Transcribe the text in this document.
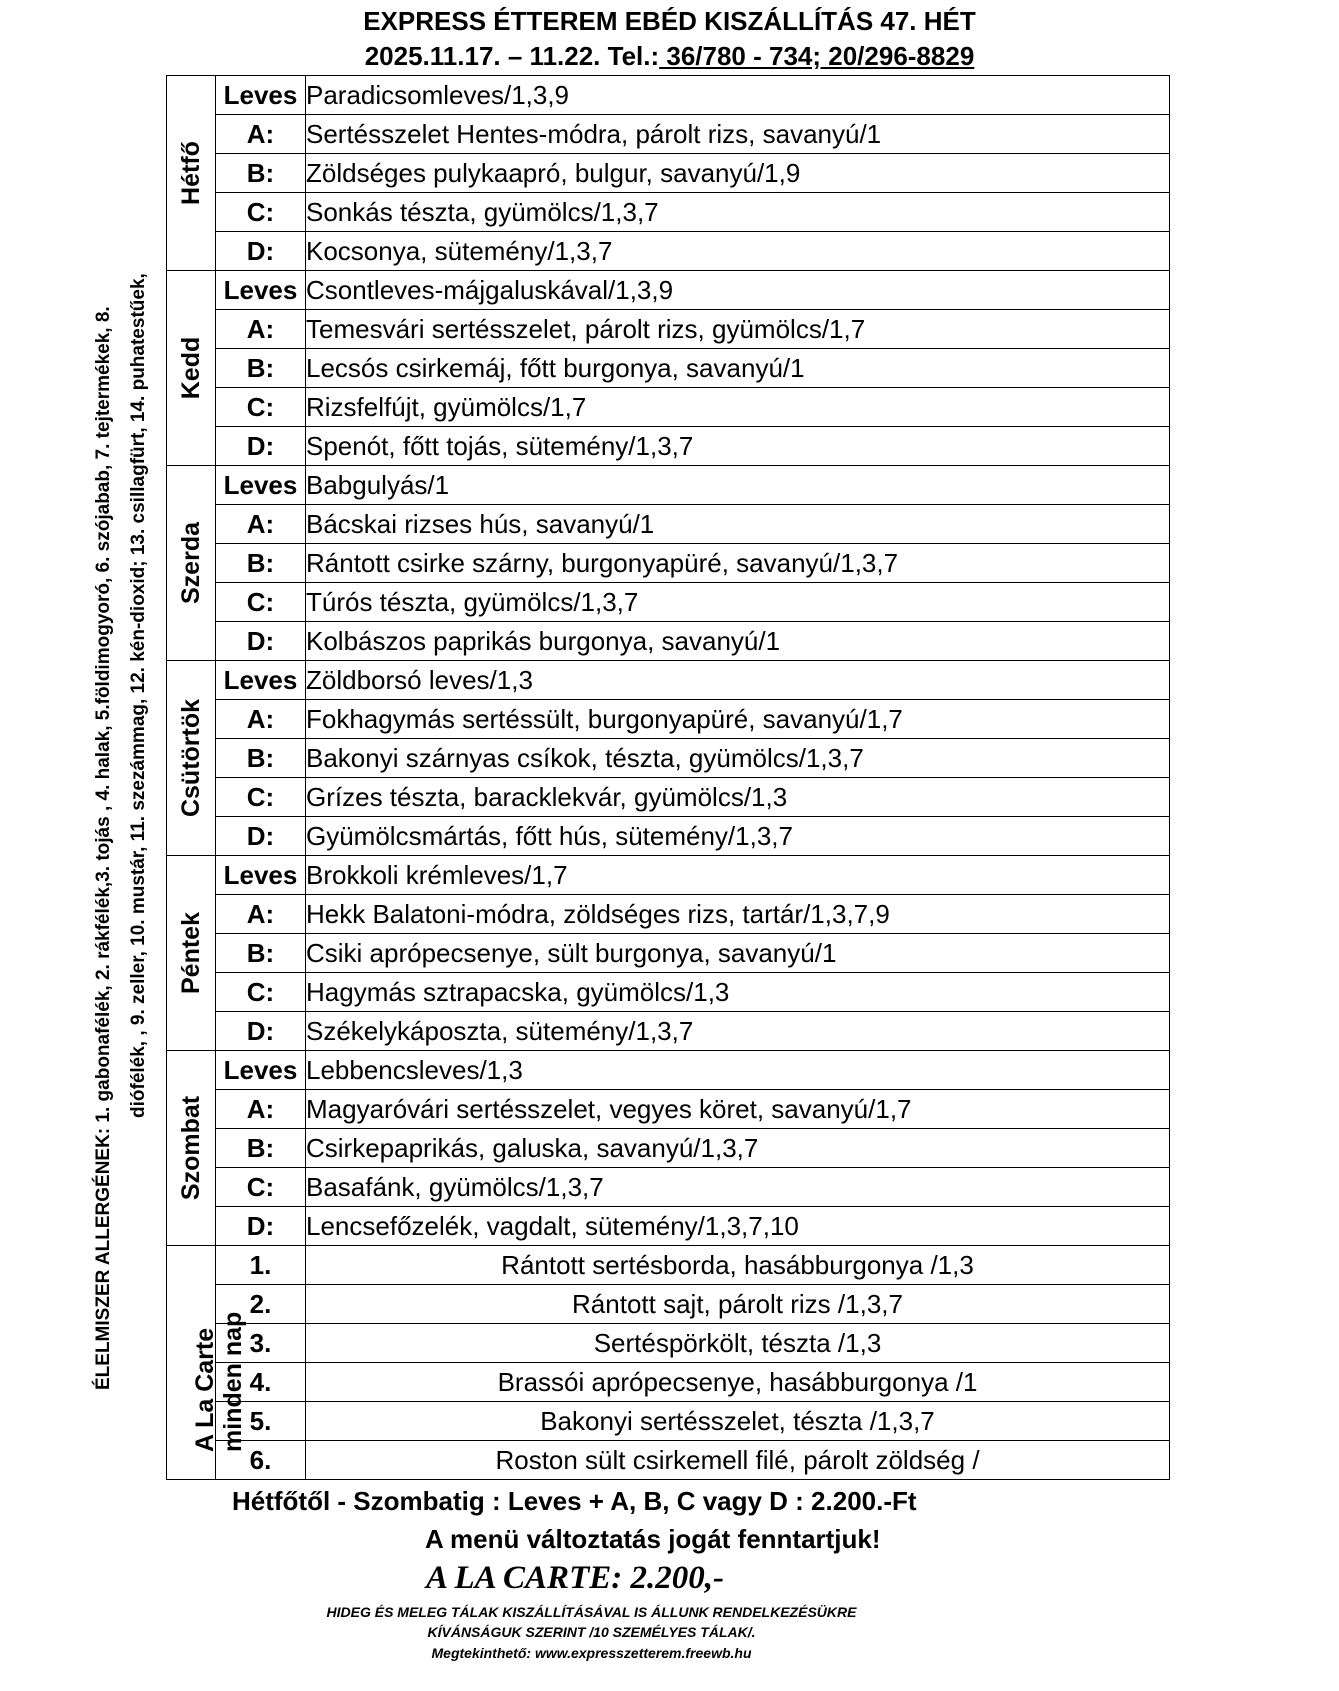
EXPRESS ÉTTEREM EBÉD KISZÁLLÍTÁS 47. HÉT
2025.11.17. – 11.22. Tel.: 36/780 - 734; 20/296-8829
ÉLELMISZER ALLERGÉNEK: 1. gabonafélék, 2. rákfélék,3. tojás , 4. halak, 5.földimogyoró, 6. szójabab, 7. tejtermékek, 8. diófélék, , 9. zeller, 10. mustár, 11. szezámmag, 12. kén-dioxid; 13. csillagfürt, 14. puhatestűek,
Hétfő	Leves	Paradicsomleves/1,3,9
	A:	Sertésszelet Hentes-módra, párolt rizs, savanyú/1
	B:	Zöldséges pulykaapró, bulgur, savanyú/1,9
	C:	Sonkás tészta, gyümölcs/1,3,7
	D:	Kocsonya, sütemény/1,3,7

Kedd	Leves	Csontleves-májgaluskával/1,3,9
	A:	Temesvári sertésszelet, párolt rizs, gyümölcs/1,7
	B:	Lecsós csirkemáj, főtt burgonya, savanyú/1
	C:	Rizsfelfújt, gyümölcs/1,7
	D:	Spenót, főtt tojás, sütemény/1,3,7

Szerda	Leves	Babgulyás/1
	A:	Bácskai rizses hús, savanyú/1
	B:	Rántott csirke szárny, burgonyapüré, savanyú/1,3,7
	C:	Túrós tészta, gyümölcs/1,3,7
	D:	Kolbászos paprikás burgonya, savanyú/1

Csütörtök	Leves	Zöldborsó leves/1,3
	A:	Fokhagymás sertéssült, burgonyapüré, savanyú/1,7
	B:	Bakonyi szárnyas csíkok, tészta, gyümölcs/1,3,7
	C:	Grízes tészta, baracklekvár, gyümölcs/1,3
	D:	Gyümölcsmártás, főtt hús, sütemény/1,3,7

Péntek	Leves	Brokkoli krémleves/1,7
	A:	Hekk Balatoni-módra, zöldséges rizs, tartár/1,3,7,9
	B:	Csiki aprópecsenye, sült burgonya, savanyú/1
	C:	Hagymás sztrapacska, gyümölcs/1,3
	D:	Székelykáposzta, sütemény/1,3,7

Szombat	Leves	Lebbencsleves/1,3
	A:	Magyaróvári sertésszelet, vegyes köret, savanyú/1,7
	B:	Csirkepaprikás, galuska, savanyú/1,3,7
	C:	Basafánk, gyümölcs/1,3,7
	D:	Lencsefőzelék, vagdalt, sütemény/1,3,7,10

A La Carte minden nap	1.	Rántott sertésborda, hasábburgonya /1,3
	2.	Rántott sajt, párolt rizs /1,3,7
	3.	Sertéspörkölt, tészta /1,3
	4.	Brassói aprópecsenye, hasábburgonya /1
	5.	Bakonyi sertésszelet, tészta /1,3,7
	6.	Roston sült csirkemell filé, párolt zöldség /
Hétfőtől - Szombatig : Leves + A, B, C vagy D : 2.200.-Ft
A menü változtatás jogát fenntartjuk!
A LA CARTE: 2.200,-
HIDEG ÉS MELEG TÁLAK KISZÁLLÍTÁSÁVAL IS ÁLLUNK RENDELKEZÉSÜKRE
KÍVÁNSÁGUK SZERINT /10 SZEMÉLYES TÁLAK/.
Megtekinthető: www.expresszetterem.freewb.hu
